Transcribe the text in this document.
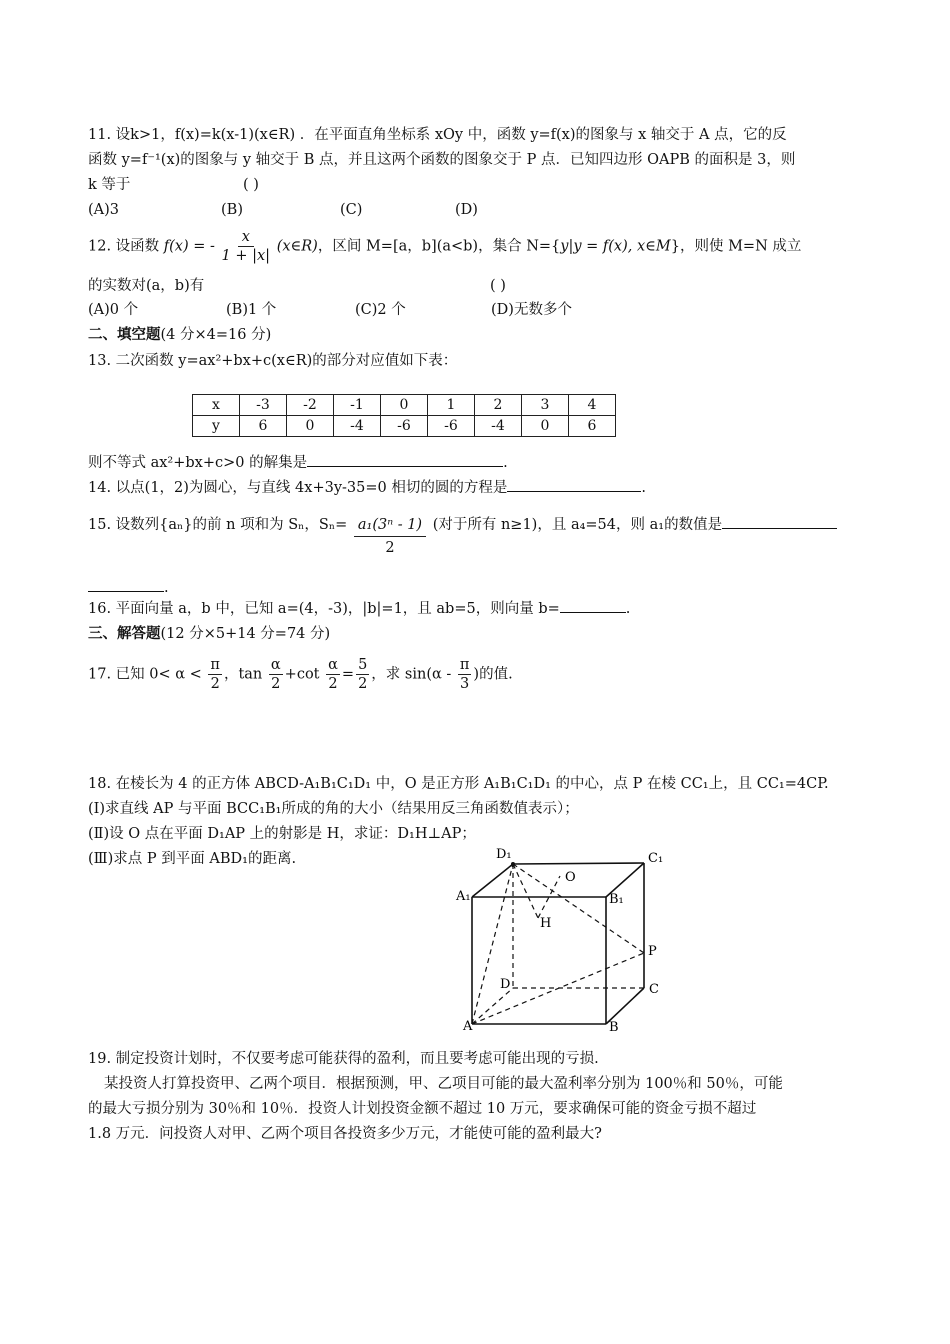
11. 设k>1，f(x)=k(x-1)(x∈R) ．在平面直角坐标系 xOy 中，函数 y=f(x)的图象与 x 轴交于 A 点，它的反
函数 y=f⁻¹(x)的图象与 y 轴交于 B 点，并且这两个函数的图象交于 P 点．已知四边形 OAPB 的面积是 3，则
k 等于	( )
(A)3	(B)	(C)	(D)
12. 设函数 f(x) = - $\frac{x}{1 + |x|}$ (x∈R)，区间 M=[a，b](a<b)，集合 N={y|y = f(x), x∈M}，则使 M=N 成立
的实数对(a，b)有	( )
(A)0 个	(B)1 个	(C)2 个	(D)无数多个
二、填空题(4 分×4=16 分)
13. 二次函数 y=ax²+bx+c(x∈R)的部分对应值如下表：
x	-3	-2	-1	0	1	2	3	4
y	6	0	-4	-6	-6	-4	0	6
则不等式 ax²+bx+c>0 的解集是	.
14. 以点(1，2)为圆心，与直线 4x+3y-35=0 相切的圆的方程是	.
15. 设数列{aₙ}的前 n 项和为 Sₙ，$S_n= \frac{\text{a₁(3ⁿ - 1)}}{2}$ (对于所有 n≥1)，且 a₄=54，则 a₁的数值是
.
16. 平面向量 a，b 中，已知 a=(4，-3)，|b|=1，且 ab=5，则向量 b=	.
三、解答题(12 分×5+14 分=74 分)
17. 已知 $0< \alpha < \frac{\pi}{2}$ ，$\tan \frac{\alpha}{2} +\cot \frac{\alpha}{2} = \frac{5}{2}$ ，求 $\sin(\alpha - \frac{\pi}{3}$ )的值.
18. 在棱长为 4 的正方体 ABCD-A₁B₁C₁D₁ 中，O 是正方形 A₁B₁C₁D₁ 的中心，点 P 在棱 CC₁上，且 CC₁=4CP.
(Ⅰ)求直线 AP 与平面 BCC₁B₁所成的角的大小（结果用反三角函数值表示）；
(Ⅱ)设 O 点在平面 D₁AP 上的射影是 H，求证：D₁H⊥AP；
(Ⅲ)求点 P 到平面 ABD₁的距离.	D₁	C₁
A₁	B₁
O
H
P
D	C
A	B
19. 制定投资计划时，不仅要考虑可能获得的盈利，而且要考虑可能出现的亏损.
某投资人打算投资甲、乙两个项目．根据预测，甲、乙项目可能的最大盈利率分别为 100％和 50％，可能
的最大亏损分别为 30％和 10％．投资人计划投资金额不超过 10 万元，要求确保可能的资金亏损不超过
1.8 万元．问投资人对甲、乙两个项目各投资多少万元，才能使可能的盈利最大?
